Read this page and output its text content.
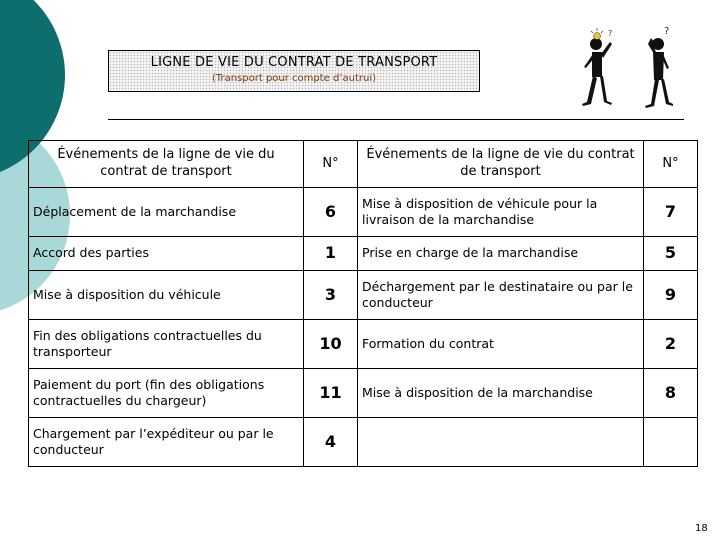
LIGNE DE VIE DU CONTRAT DE TRANSPORT
(Transport pour compte d’autrui)
?	?
Événements de la ligne de vie du contrat de transport	N°	Événements de la ligne de vie du contrat de transport	N°
Déplacement de la marchandise	6	Mise à disposition de véhicule pour la livraison de la marchandise	7
Accord des parties	1	Prise en charge de la marchandise	5
Mise à disposition du véhicule	3	Déchargement par le destinataire ou par le conducteur	9
Fin des obligations contractuelles du transporteur	10	Formation du contrat	2
Paiement du port (fin des obligations contractuelles du chargeur)	11	Mise à disposition de la marchandise	8
Chargement par l’expéditeur ou par le conducteur	4		
18
